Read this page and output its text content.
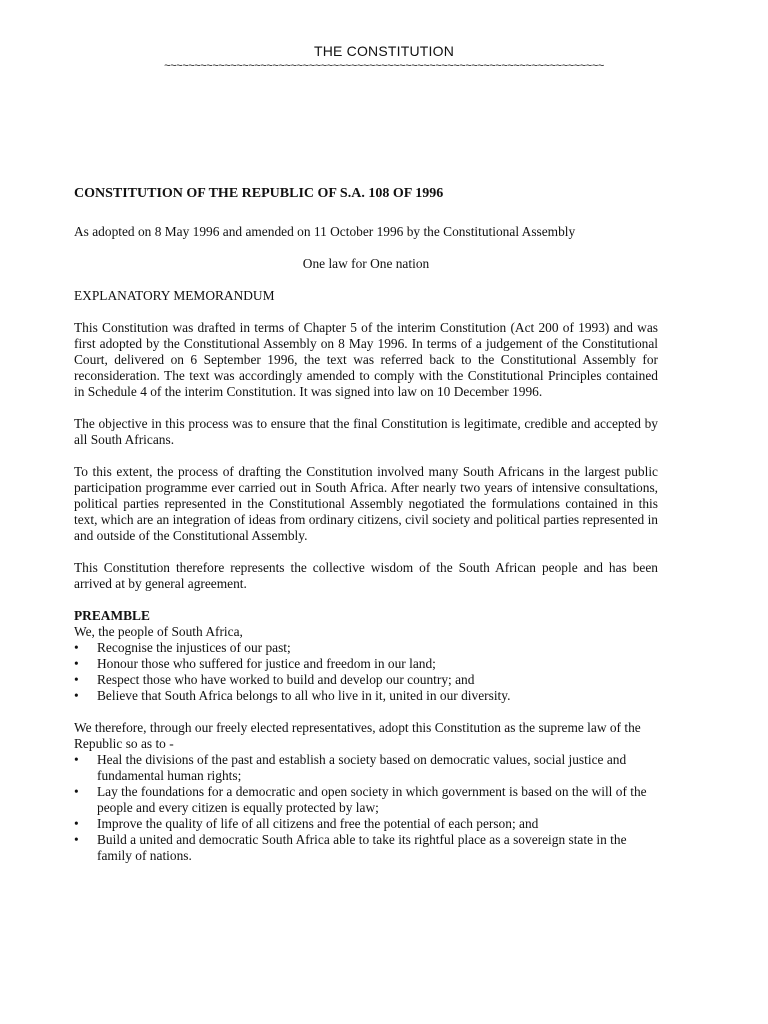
THE CONSTITUTION
~~~~~~~~~~~~~~~~~~~~~~~~~~~~~~~~~~~~~~~~~~~~~~~~~~~~~~~~~~~~~~~~~~~~~~~~~
CONSTITUTION OF THE REPUBLIC OF S.A. 108 OF 1996

As adopted on 8 May 1996 and amended on 11 October 1996 by the Constitutional Assembly

One law for One nation

EXPLANATORY MEMORANDUM

This Constitution was drafted in terms of Chapter 5 of the interim Constitution (Act 200 of 1993) and was first adopted by the Constitutional Assembly on 8 May 1996. In terms of a judgement of the Constitutional Court, delivered on 6 September 1996, the text was referred back to the Constitutional Assembly for reconsideration. The text was accordingly amended to comply with the Constitutional Principles contained in Schedule 4 of the interim Constitution. It was signed into law on 10 December 1996.

The objective in this process was to ensure that the final Constitution is legitimate, credible and accepted by all South Africans.

To this extent, the process of drafting the Constitution involved many South Africans in the largest public participation programme ever carried out in South Africa. After nearly two years of intensive consultations, political parties represented in the Constitutional Assembly negotiated the formulations contained in this text, which are an integration of ideas from ordinary citizens, civil society and political parties represented in and outside of the Constitutional Assembly.

This Constitution therefore represents the collective wisdom of the South African people and has been arrived at by general agreement.

PREAMBLE
We, the people of South Africa,
•	Recognise the injustices of our past;
•	Honour those who suffered for justice and freedom in our land;
•	Respect those who have worked to build and develop our country; and
•	Believe that South Africa belongs to all who live in it, united in our diversity.
We therefore, through our freely elected representatives, adopt this Constitution as the supreme law of the Republic so as to -
•	Heal the divisions of the past and establish a society based on democratic values, social justice and fundamental human rights;
•	Lay the foundations for a democratic and open society in which government is based on the will of the people and every citizen is equally protected by law;
•	Improve the quality of life of all citizens and free the potential of each person; and
•	Build a united and democratic South Africa able to take its rightful place as a sovereign state in the family of nations.
